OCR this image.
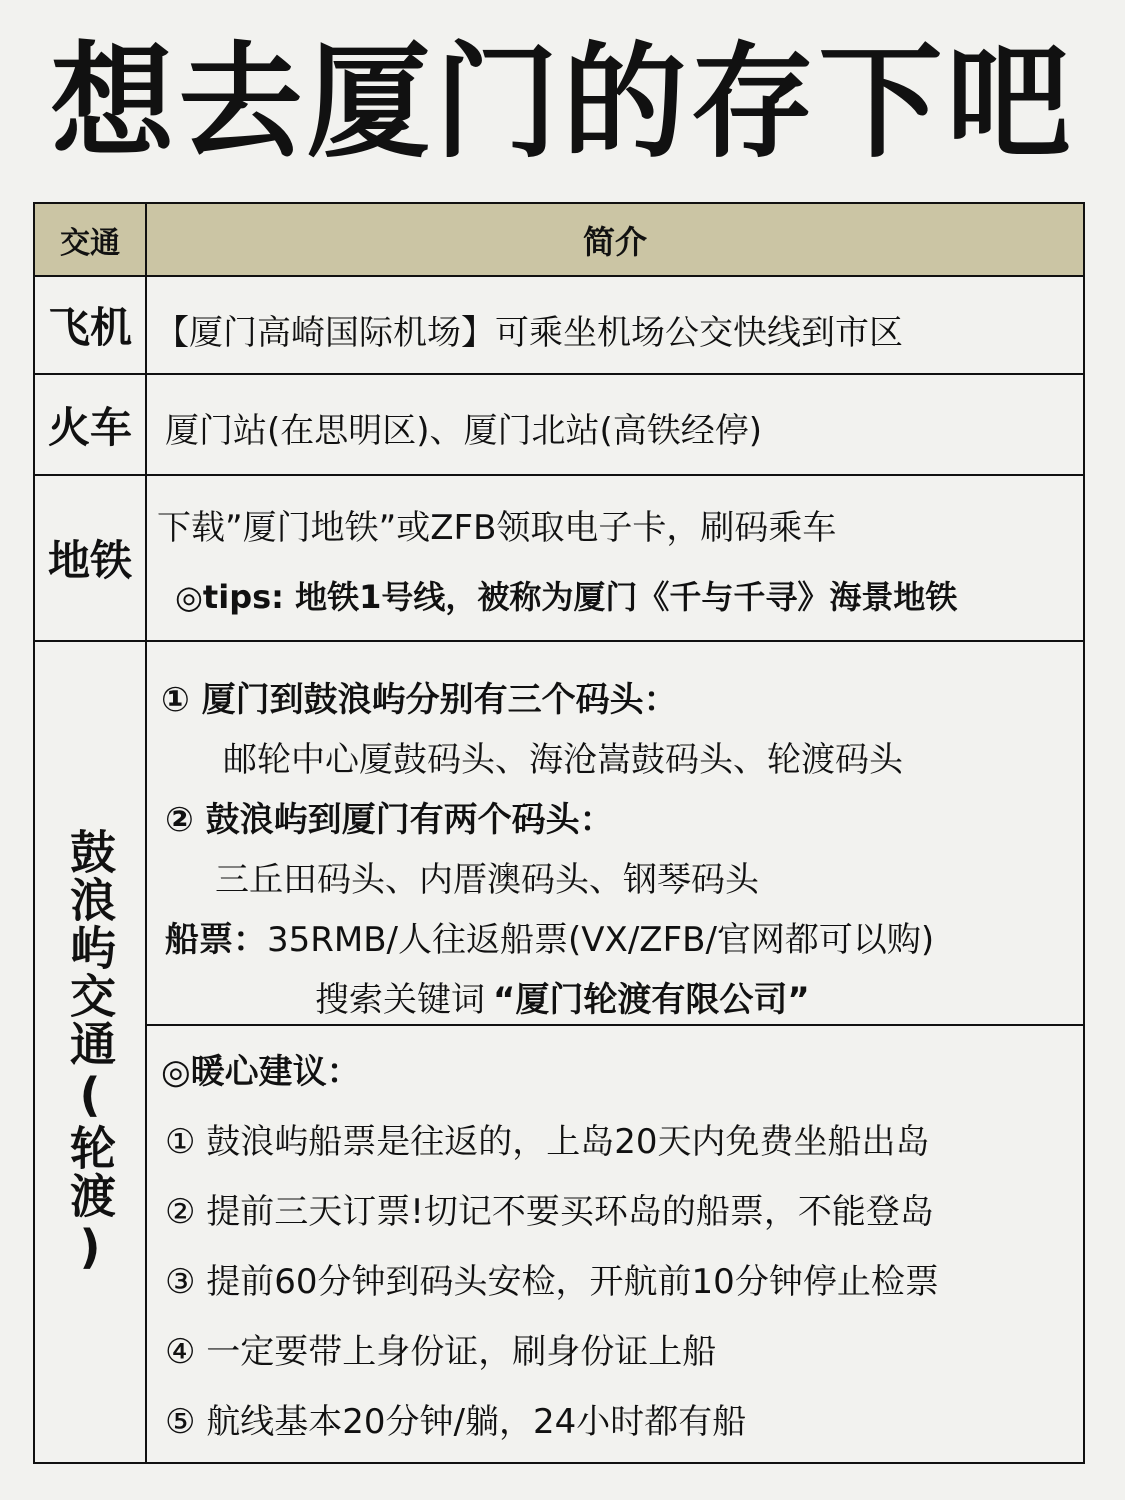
想去厦门的存下吧
交通	简介
飞机 【厦门高崎国际机场】可乘坐机场公交快线到市区
火车 厦门站(在思明区)、厦门北站(高铁经停)
地铁
下载”厦门地铁”或ZFB领取电子卡，刷码乘车
◎tips: 地铁1号线，被称为厦门《千与千寻》海景地铁
鼓浪屿交通(轮渡)
① 厦门到鼓浪屿分别有三个码头：
邮轮中心厦鼓码头、海沧嵩鼓码头、轮渡码头
② 鼓浪屿到厦门有两个码头：
三丘田码头、内厝澳码头、钢琴码头
船票：35RMB/人往返船票(VX/ZFB/官网都可以购)
搜索关键词 “厦门轮渡有限公司”
◎暖心建议：
① 鼓浪屿船票是往返的，上岛20天内免费坐船出岛
② 提前三天订票!切记不要买环岛的船票，不能登岛
③ 提前60分钟到码头安检，开航前10分钟停止检票
④ 一定要带上身份证，刷身份证上船
⑤ 航线基本20分钟/躺，24小时都有船
